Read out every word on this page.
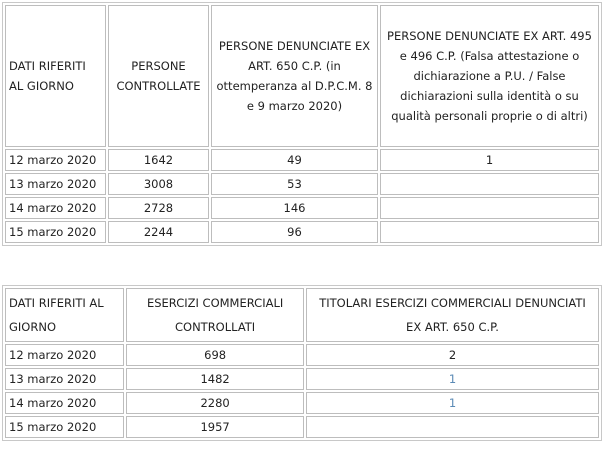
DATI RIFERITI AL GIORNO	PERSONE CONTROLLATE	PERSONE DENUNCIATE EX ART. 650 C.P. (in ottemperanza al D.P.C.M. 8 e 9 marzo 2020)	PERSONE DENUNCIATE EX ART. 495 e 496 C.P. (Falsa attestazione o dichiarazione a P.U. / False dichiarazioni sulla identità o su qualità personali proprie o di altri)
12 marzo 2020	1642	49	1
13 marzo 2020	3008	53	
14 marzo 2020	2728	146	
15 marzo 2020	2244	96	
DATI RIFERITI AL GIORNO	ESERCIZI COMMERCIALI CONTROLLATI	TITOLARI ESERCIZI COMMERCIALI DENUNCIATI EX ART. 650 C.P.
12 marzo 2020	698	2
13 marzo 2020	1482	1
14 marzo 2020	2280	1
15 marzo 2020	1957	
